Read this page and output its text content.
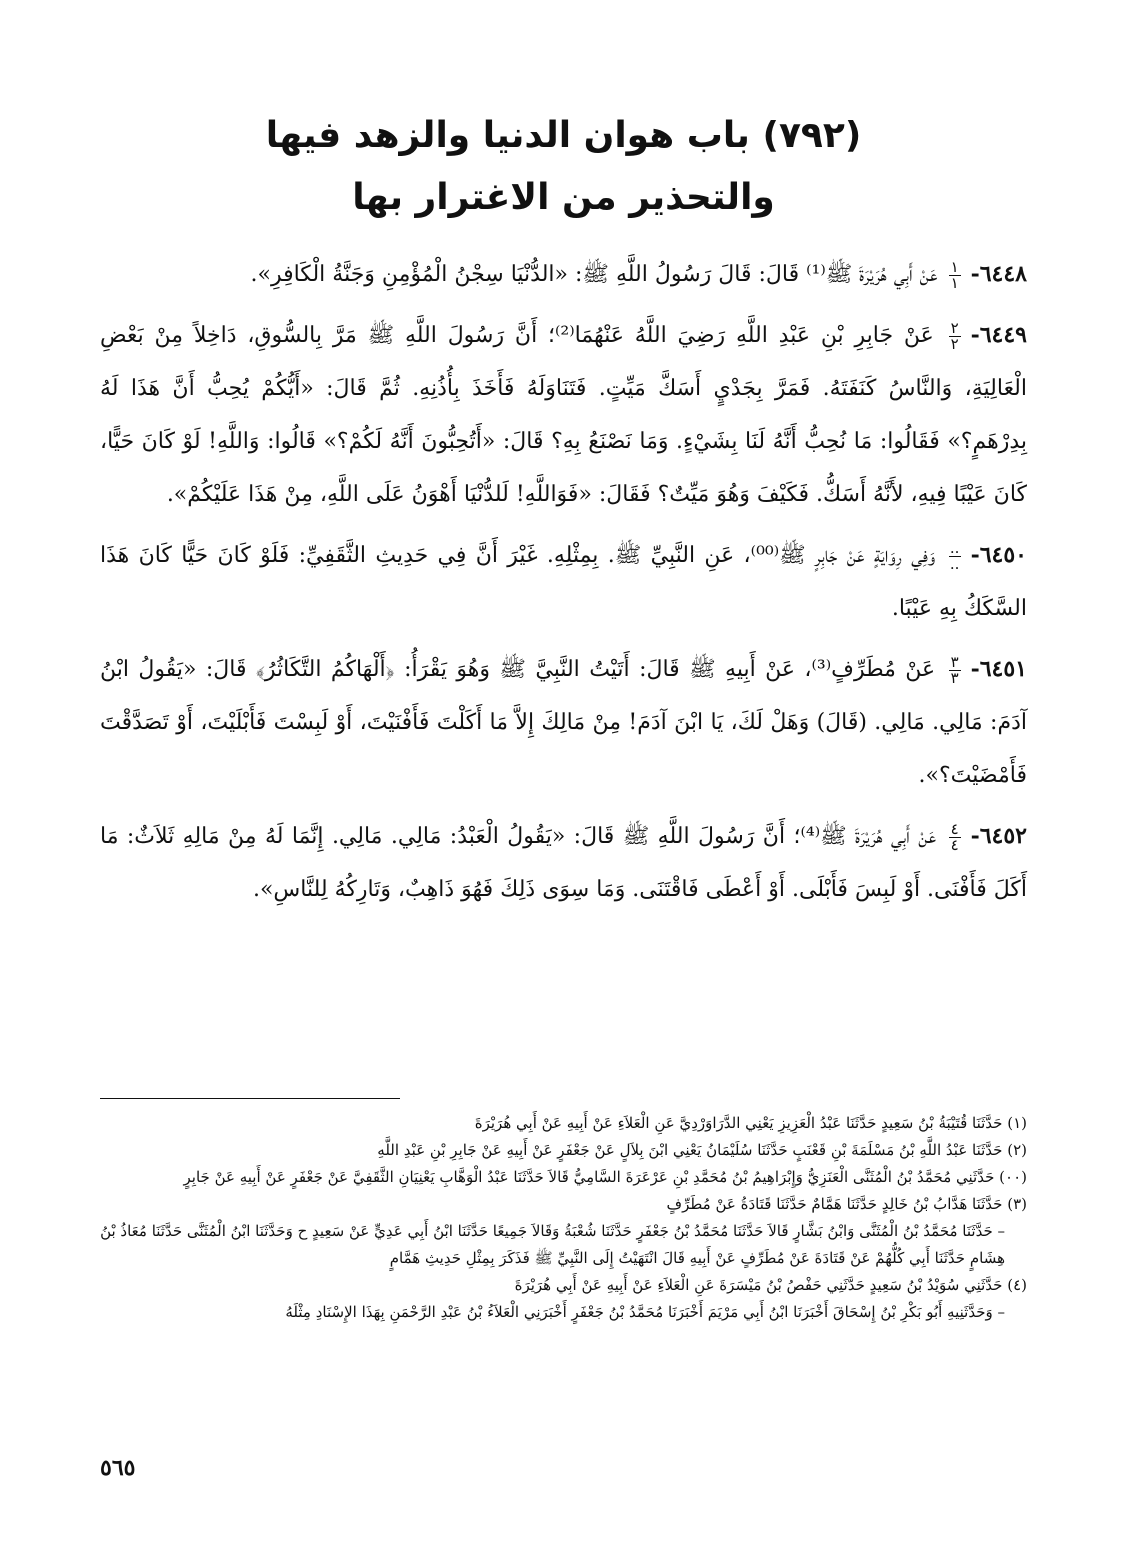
(٧٩٢) باب هوان الدنيا والزهد فيها
والتحذير من الاغترار بها

٦٤٤٨-
$\frac{١}{١}$
عَنْ أَبِي هُرَيْرَةَ ﷺ⁽¹⁾ قَالَ: قَالَ رَسُولُ اللَّهِ ﷺ: «الدُّنْيَا سِجْنُ الْمُؤْمِنِ وَجَنَّةُ الْكَافِرِ».

٦٤٤٩-
$\frac{٢}{٢}$
عَنْ جَابِرِ بْنِ عَبْدِ اللَّهِ رَضِيَ اللَّهُ عَنْهُمَا⁽²⁾؛ أَنَّ رَسُولَ اللَّهِ ﷺ مَرَّ بِالسُّوقِ، دَاخِلاً مِنْ بَعْضِ الْعَالِيَةِ، وَالنَّاسُ كَنَفَتَهُ. فَمَرَّ بِجَدْيٍ أَسَكَّ مَيِّتٍ. فَتَنَاوَلَهُ فَأَخَذَ بِأُذُنِهِ. ثُمَّ قَالَ: «أَيُّكُمْ يُحِبُّ أَنَّ هَذَا لَهُ بِدِرْهَمٍ؟» فَقَالُوا: مَا نُحِبُّ أَنَّهُ لَنَا بِشَيْءٍ. وَمَا نَصْنَعُ بِهِ؟ قَالَ: «أَتُحِبُّونَ أَنَّهُ لَكُمْ؟» قَالُوا: وَاللَّهِ! لَوْ كَانَ حَيًّا، كَانَ عَيْبًا فِيهِ، لأَنَّهُ أَسَكُّ. فَكَيْفَ وَهُوَ مَيِّتٌ؟ فَقَالَ: «فَوَاللَّهِ! لَلدُّنْيَا أَهْوَنُ عَلَى اللَّهِ، مِنْ هَذَا عَلَيْكُمْ».

٦٤٥٠-
$\frac{..}{..}$
وَفِي رِوَايَةٍ عَنْ جَابِرٍ ﷺ⁽⁰⁰⁾، عَنِ النَّبِيِّ ﷺ. بِمِثْلِهِ. غَيْرَ أَنَّ فِي حَدِيثِ الثَّقَفِيِّ: فَلَوْ كَانَ حَيًّا كَانَ هَذَا السَّكَكُ بِهِ عَيْبًا.

٦٤٥١-
$\frac{٣}{٣}$
عَنْ مُطَرِّفٍ⁽³⁾، عَنْ أَبِيهِ ﷺ قَالَ: أَتَيْتُ النَّبِيَّ ﷺ وَهُوَ يَقْرَأُ: ﴿أَلْهَاكُمُ التَّكَاثُرُ﴾ قَالَ: «يَقُولُ ابْنُ آدَمَ: مَالِي. مَالِي. (قَالَ) وَهَلْ لَكَ، يَا ابْنَ آدَمَ! مِنْ مَالِكَ إِلاَّ مَا أَكَلْتَ فَأَفْنَيْتَ، أَوْ لَبِسْتَ فَأَبْلَيْتَ، أَوْ تَصَدَّقْتَ فَأَمْضَيْتَ؟».

٦٤٥٢-
$\frac{٤}{٤}$
عَنْ أَبِي هُرَيْرَةَ ﷺ⁽⁴⁾؛ أَنَّ رَسُولَ اللَّهِ ﷺ قَالَ: «يَقُولُ الْعَبْدُ: مَالِي. مَالِي. إِنَّمَا لَهُ مِنْ مَالِهِ ثَلاَثٌ: مَا أَكَلَ فَأَفْنَى. أَوْ لَبِسَ فَأَبْلَى. أَوْ أَعْطَى فَاقْتَنَى. وَمَا سِوَى ذَلِكَ فَهُوَ ذَاهِبٌ، وَتَارِكُهُ لِلنَّاسِ».

(١) حَدَّثَنَا قُتَيْبَةُ بْنُ سَعِيدٍ حَدَّثَنَا عَبْدُ الْعَزِيزِ يَعْنِي الدَّرَاوَرْدِيَّ عَنِ الْعَلاَءِ عَنْ أَبِيهِ عَنْ أَبِي هُرَيْرَةَ

(٢) حَدَّثَنَا عَبْدُ اللَّهِ بْنُ مَسْلَمَةَ بْنِ قَعْنَبٍ حَدَّثَنَا سُلَيْمَانُ يَعْنِي ابْنَ بِلاَلٍ عَنْ جَعْفَرٍ عَنْ أَبِيهِ عَنْ جَابِرِ بْنِ عَبْدِ اللَّهِ

(٠٠) حَدَّثَنِي مُحَمَّدُ بْنُ الْمُثَنَّى الْعَنَزِيُّ وَإِبْرَاهِيمُ بْنُ مُحَمَّدِ بْنِ عَرْعَرَةَ السَّامِيُّ قَالاَ حَدَّثَنَا عَبْدُ الْوَهَّابِ يَعْنِيَانِ الثَّقَفِيَّ عَنْ جَعْفَرٍ عَنْ أَبِيهِ عَنْ جَابِرٍ

(٣) حَدَّثَنَا هَدَّابُ بْنُ خَالِدٍ حَدَّثَنَا هَمَّامٌ حَدَّثَنَا قَتَادَةُ عَنْ مُطَرِّفٍ

– حَدَّثَنَا مُحَمَّدُ بْنُ الْمُثَنَّى وَابْنُ بَشَّارٍ قَالاَ حَدَّثَنَا مُحَمَّدُ بْنُ جَعْفَرٍ حَدَّثَنَا شُعْبَةُ وَقَالاَ جَمِيعًا حَدَّثَنَا ابْنُ أَبِي عَدِيٍّ عَنْ سَعِيدٍ ح وَحَدَّثَنَا ابْنُ الْمُثَنَّى حَدَّثَنَا مُعَاذُ بْنُ هِشَامٍ حَدَّثَنَا أَبِي كُلُّهُمْ عَنْ قَتَادَةَ عَنْ مُطَرِّفٍ عَنْ أَبِيهِ قَالَ انْتَهَيْتُ إِلَى النَّبِيِّ ﷺ فَذَكَرَ بِمِثْلِ حَدِيثِ هَمَّامٍ

(٤) حَدَّثَنِي سُوَيْدُ بْنُ سَعِيدٍ حَدَّثَنِي حَفْصُ بْنُ مَيْسَرَةَ عَنِ الْعَلاَءِ عَنْ أَبِيهِ عَنْ أَبِي هُرَيْرَةَ

– وَحَدَّثَنِيهِ أَبُو بَكْرِ بْنُ إِسْحَاقَ أَخْبَرَنَا ابْنُ أَبِي مَرْيَمَ أَخْبَرَنَا مُحَمَّدُ بْنُ جَعْفَرٍ أَخْبَرَنِي الْعَلاَءُ بْنُ عَبْدِ الرَّحْمَنِ بِهَذَا الإِسْنَادِ مِثْلَهُ

٥٦٥
